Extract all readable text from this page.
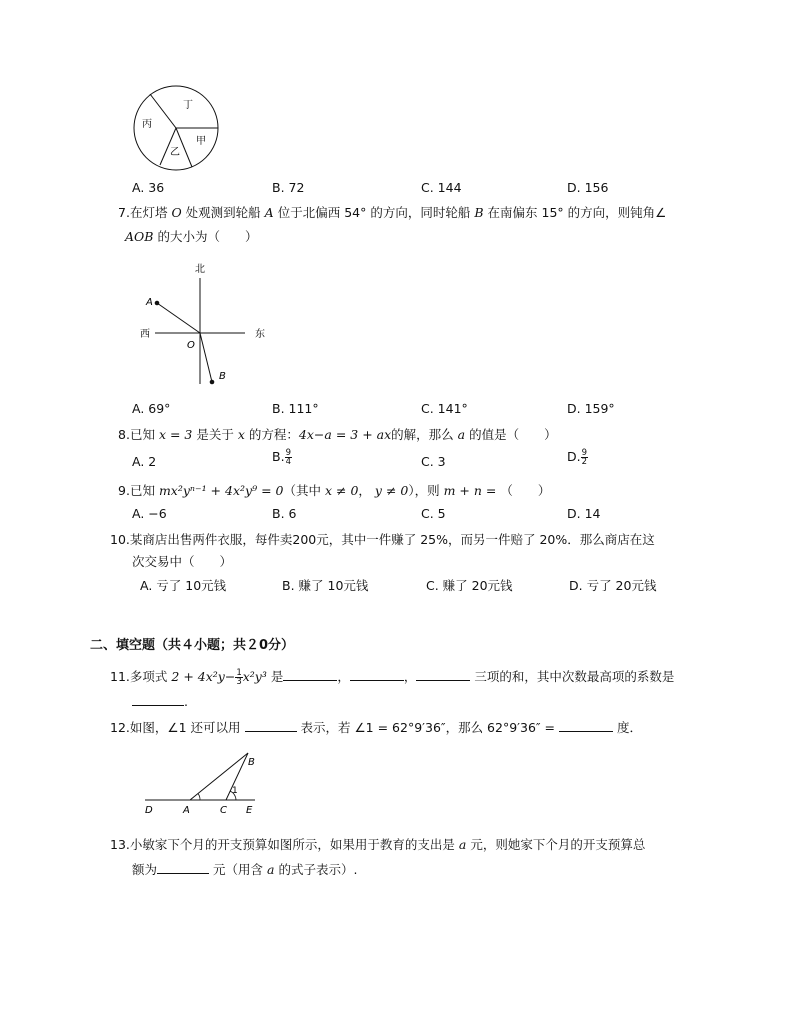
丁
丙
乙
甲
A. 36	B. 72	C. 144	D. 156
7.在灯塔 O 处观测到轮船 A 位于北偏西 54° 的方向，同时轮船 B 在南偏东 15° 的方向，则钝角∠
AOB 的大小为（　　）
北
西	东
O
A
B
A. 69°	B. 111°	C. 141°	D. 159°
8.已知 x = 3 是关于 x 的方程：4x−a = 3 + ax的解，那么 a 的值是（　　）
A. 2	B. $\frac{9}{4}$	C. 3	D. $\frac{9}{2}$
9.已知 mx²yⁿ⁻¹ + 4x²y⁹ = 0（其中 x ≠ 0， y ≠ 0），则 m + n = （　　）
A. −6	B. 6	C. 5	D. 14
10.某商店出售两件衣服，每件卖200元，其中一件赚了 25%，而另一件赔了 20%．那么商店在这
次交易中（　　）
A. 亏了 10元钱	B. 赚了 10元钱	C. 赚了 20元钱	D. 亏了 20元钱
二、填空题（共４小题；共２0分）
11.多项式 $2 + 4x^2y- \frac{1}{3} x^2y^3$ 是	，	，	三项的和，其中次数最高项的系数是
.
12.如图，∠1 还可以用	表示，若 ∠1 = 62°9′36″，那么 62°9′36″ =	度．
D	A	C E
B
1
13.小敏家下个月的开支预算如图所示，如果用于教育的支出是 a 元，则她家下个月的开支预算总
额为	元（用含 a 的式子表示）.
